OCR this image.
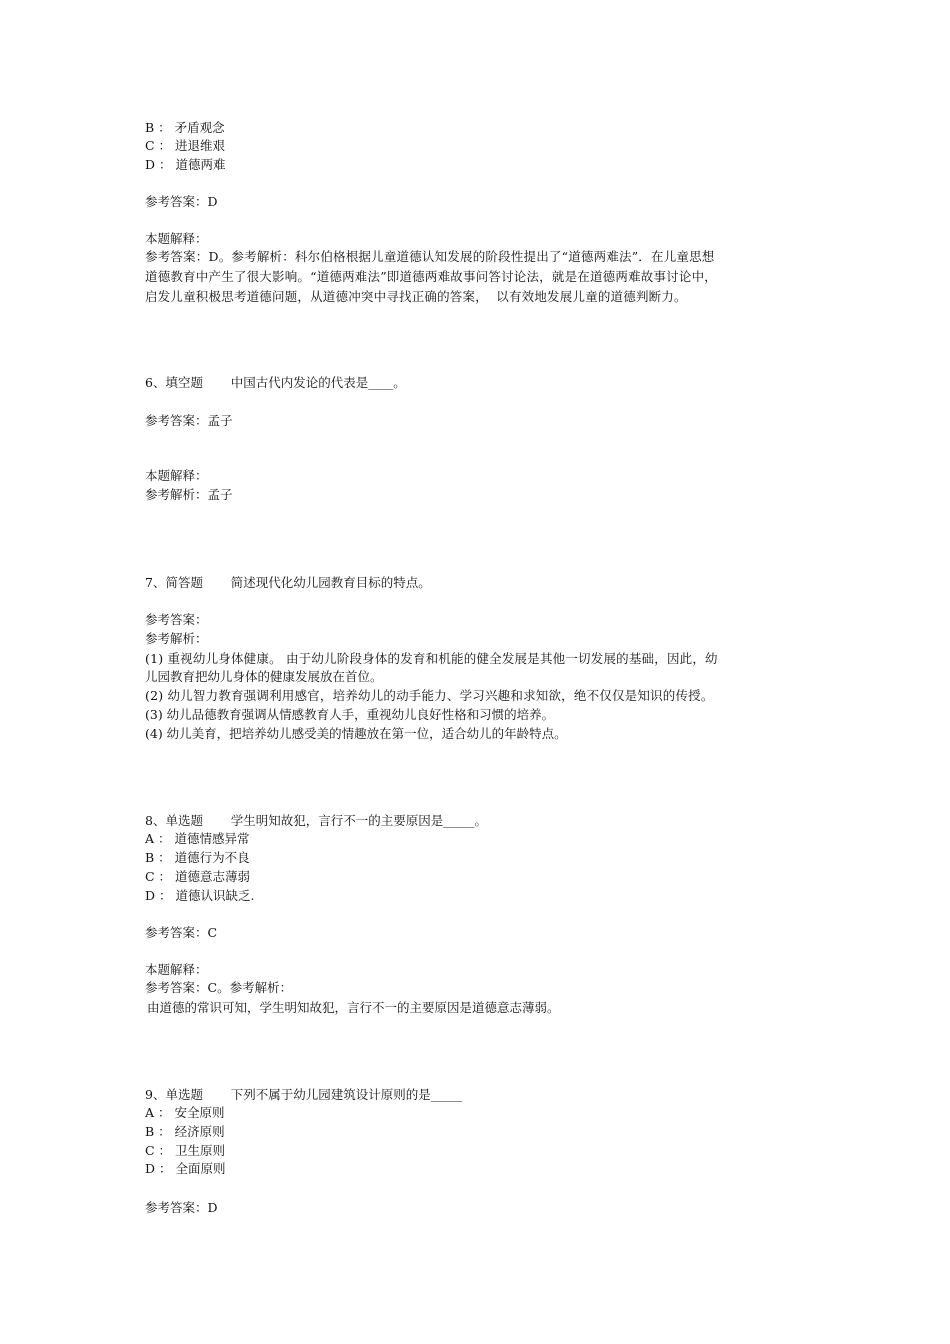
B ： 矛盾观念
C ： 进退维艰
D ： 道德两难
参考答案：D
本题解释：
参考答案：D。参考解析：科尔伯格根据儿童道德认知发展的阶段性提出了“道德两难法”．在儿童思想
道德教育中产生了很大影响。“道德两难法”即道德两难故事问答讨论法，就是在道德两难故事讨论中，
启发儿童积极思考道德问题，从道德冲突中寻找正确的答案，  以有效地发展儿童的道德判断力。
6、填空题       中国古代内发论的代表是____。
参考答案：孟子
本题解释：
参考解析：孟子
7、简答题       简述现代化幼儿园教育目标的特点。
参考答案：
参考解析：
(1) 重视幼儿身体健康。 由于幼儿阶段身体的发育和机能的健全发展是其他一切发展的基础，因此，幼
儿园教育把幼儿身体的健康发展放在首位。
(2) 幼儿智力教育强调利用感官，培养幼儿的动手能力、学习兴趣和求知欲，绝不仅仅是知识的传授。
(3) 幼儿品德教育强调从情感教育人手，重视幼儿良好性格和习惯的培养。
(4) 幼儿美育，把培养幼儿感受美的情趣放在第一位，适合幼儿的年龄特点。
8、单选题       学生明知故犯，言行不一的主要原因是_____。
A ： 道德情感异常
B ： 道德行为不良
C ： 道德意志薄弱
D ： 道德认识缺乏.
参考答案：C
本题解释：
参考答案：C。参考解析：
由道德的常识可知，学生明知故犯，言行不一的主要原因是道德意志薄弱。
9、单选题       下列不属于幼儿园建筑设计原则的是_____
A ： 安全原则
B ： 经济原则
C ： 卫生原则
D ： 全面原则
参考答案：D
